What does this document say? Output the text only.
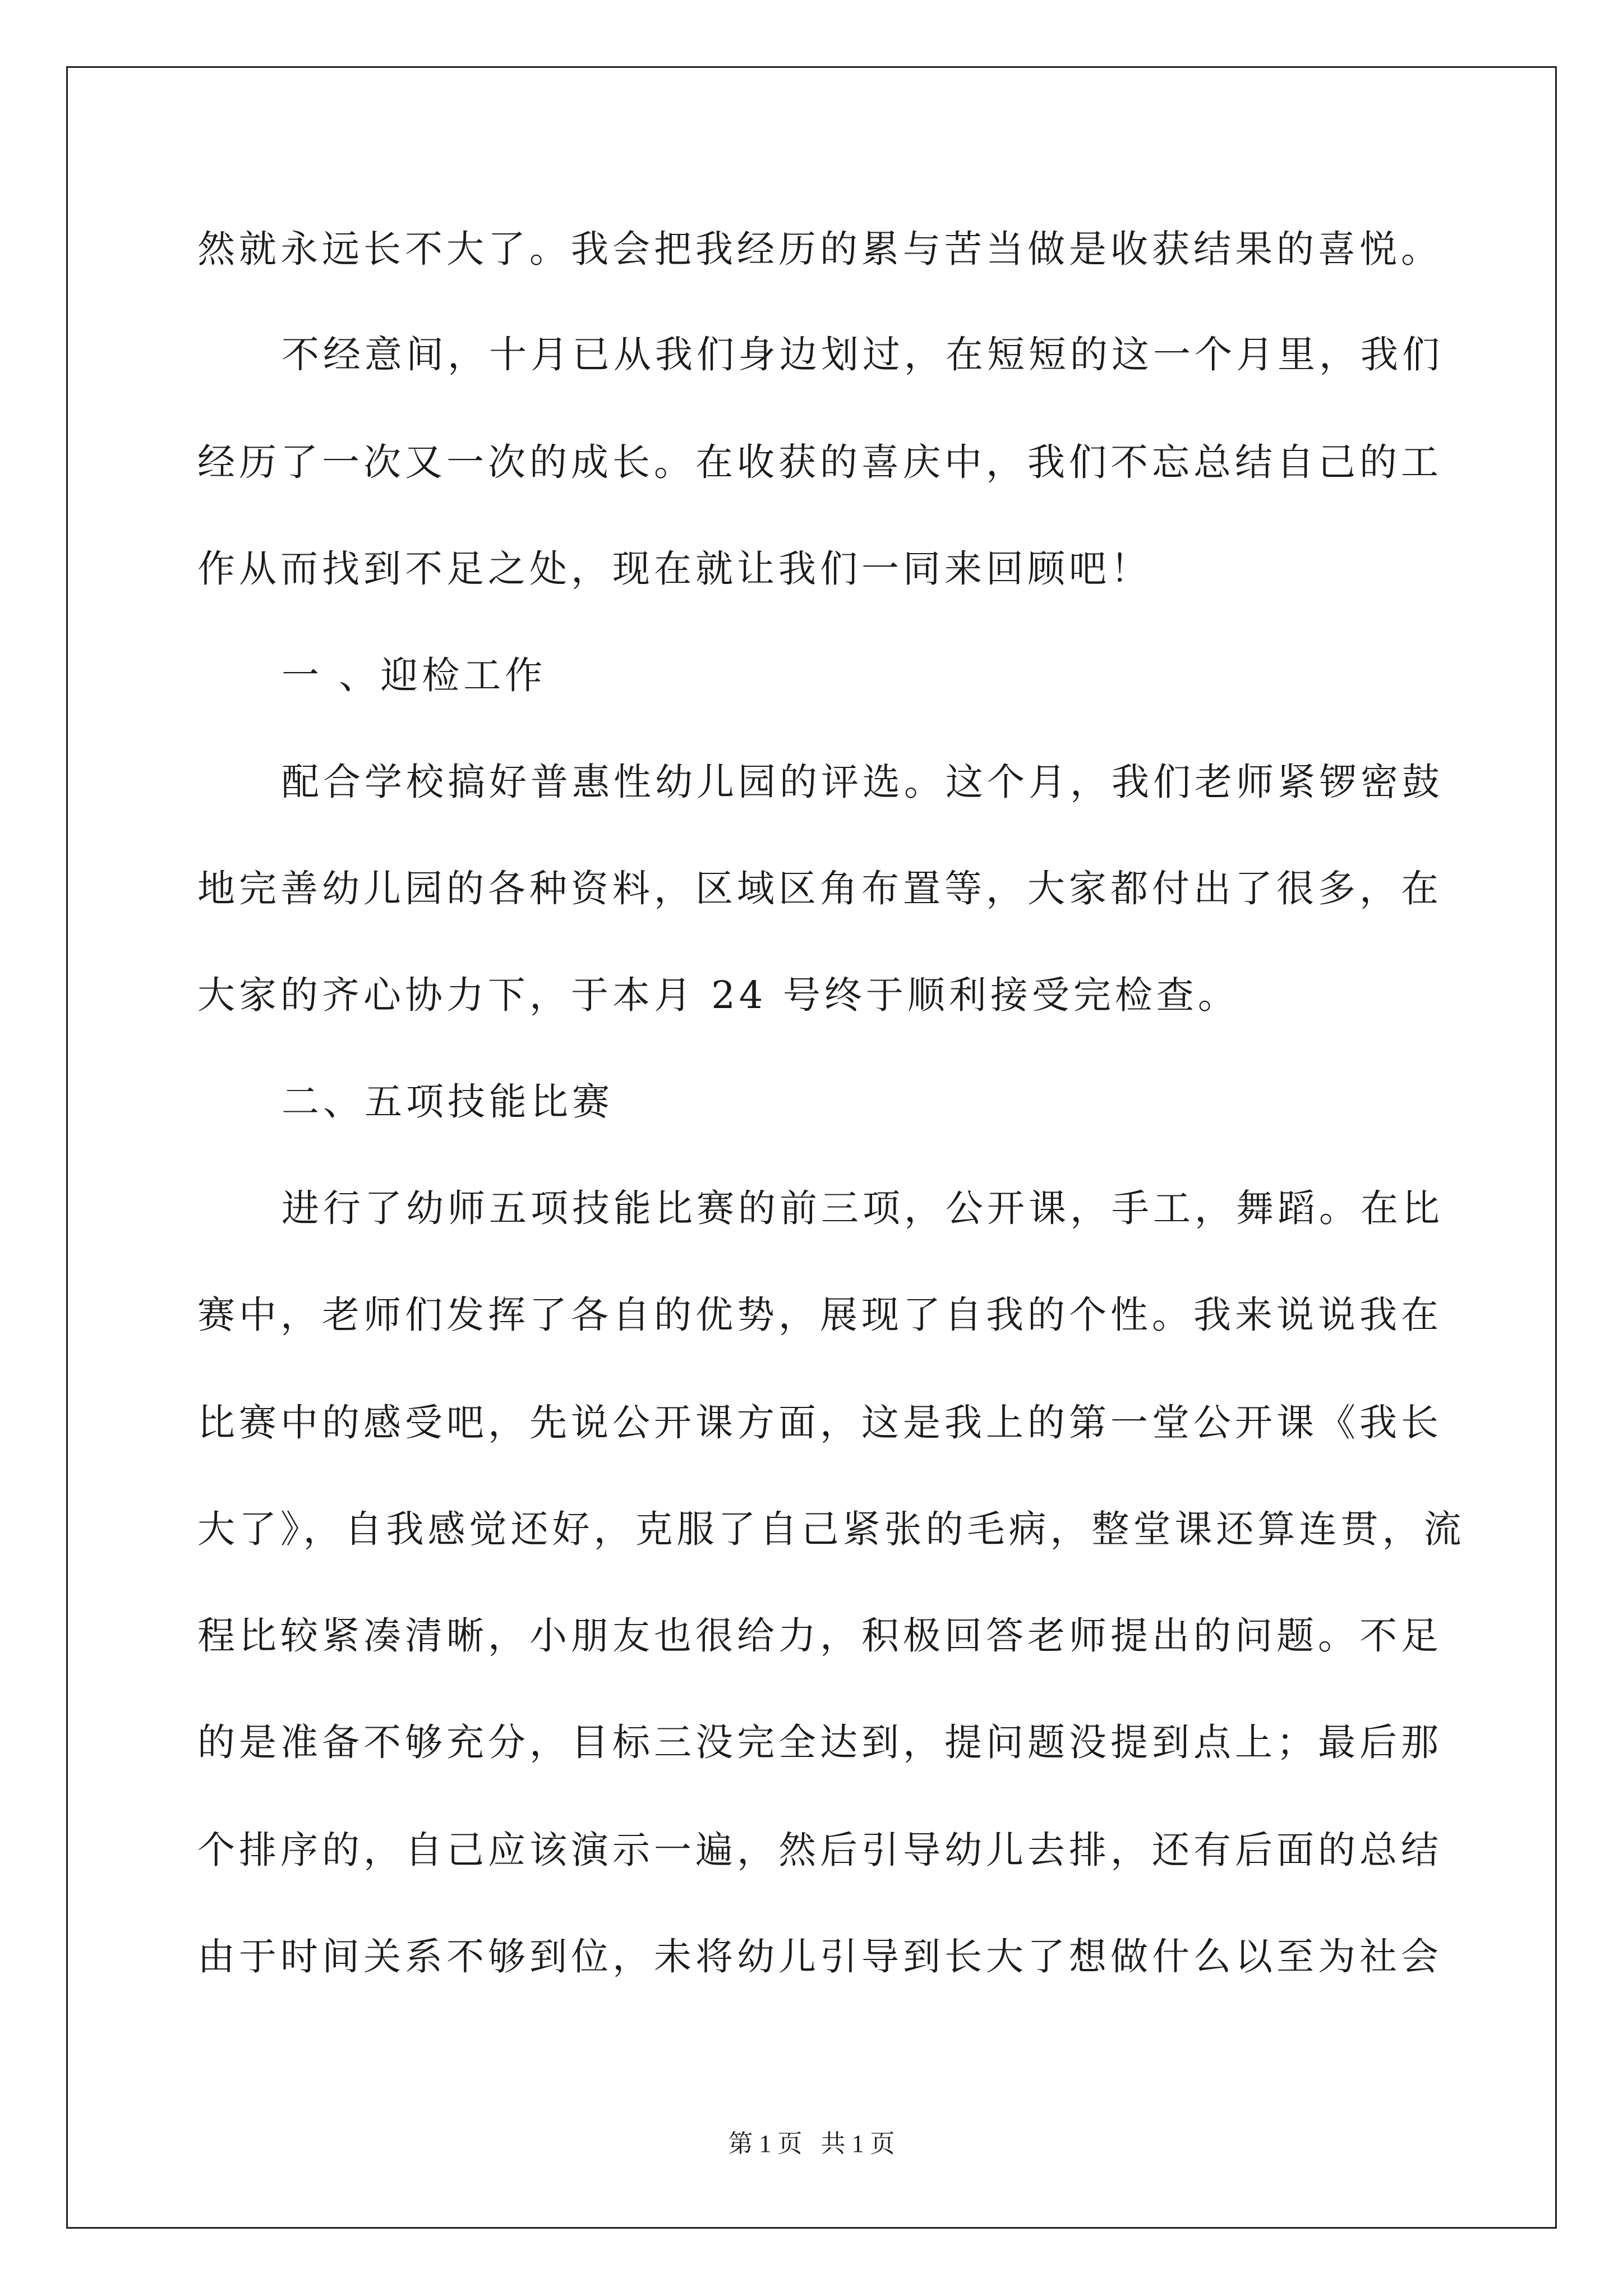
然就永远长不大了。我会把我经历的累与苦当做是收获结果的喜悦。
不经意间，十月已从我们身边划过，在短短的这一个月里，我们
经历了一次又一次的成长。在收获的喜庆中，我们不忘总结自己的工
作从而找到不足之处，现在就让我们一同来回顾吧！
一 、迎检工作
配合学校搞好普惠性幼儿园的评选。这个月，我们老师紧锣密鼓
地完善幼儿园的各种资料，区域区角布置等，大家都付出了很多，在
大家的齐心协力下，于本月 24 号终于顺利接受完检查。
二、五项技能比赛
进行了幼师五项技能比赛的前三项，公开课，手工，舞蹈。在比
赛中，老师们发挥了各自的优势，展现了自我的个性。我来说说我在
比赛中的感受吧，先说公开课方面，这是我上的第一堂公开课《我长
大了》，自我感觉还好，克服了自己紧张的毛病，整堂课还算连贯，流
程比较紧凑清晰，小朋友也很给力，积极回答老师提出的问题。不足
的是准备不够充分，目标三没完全达到，提问题没提到点上；最后那
个排序的，自己应该演示一遍，然后引导幼儿去排，还有后面的总结
由于时间关系不够到位，未将幼儿引导到长大了想做什么以至为社会
第 1 页 共 1 页
